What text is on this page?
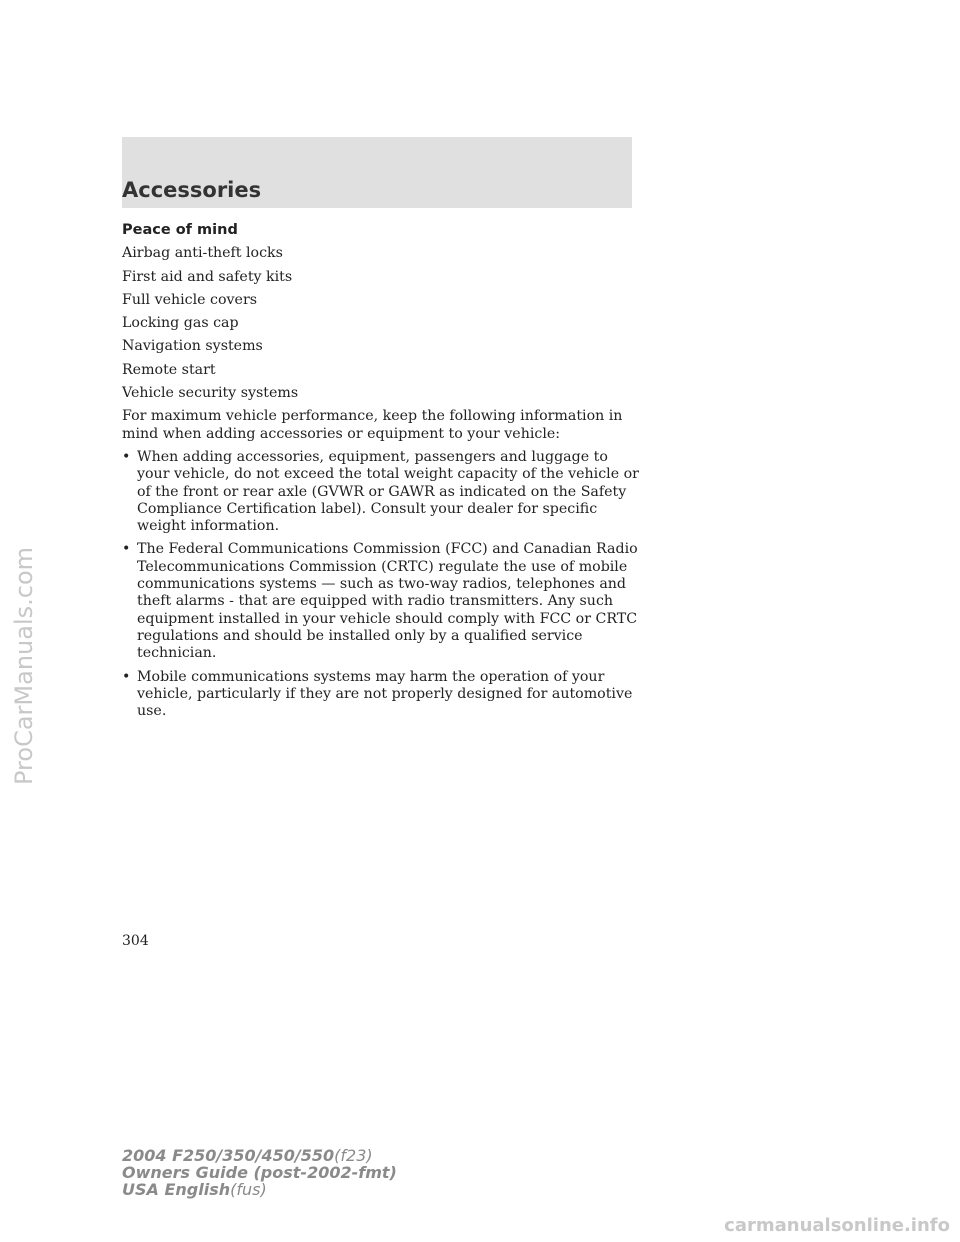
Accessories
Peace of mind
Airbag anti-theft locks
First aid and safety kits
Full vehicle covers
Locking gas cap
Navigation systems
Remote start
Vehicle security systems
For maximum vehicle performance, keep the following information in mind when adding accessories or equipment to your vehicle:
• When adding accessories, equipment, passengers and luggage to your vehicle, do not exceed the total weight capacity of the vehicle or of the front or rear axle (GVWR or GAWR as indicated on the Safety Compliance Certification label). Consult your dealer for specific weight information.
• The Federal Communications Commission (FCC) and Canadian Radio Telecommunications Commission (CRTC) regulate the use of mobile communications systems — such as two-way radios, telephones and theft alarms - that are equipped with radio transmitters. Any such equipment installed in your vehicle should comply with FCC or CRTC regulations and should be installed only by a qualified service technician.
• Mobile communications systems may harm the operation of your vehicle, particularly if they are not properly designed for automotive use.
304
2004 F250/350/450/550(f23)
Owners Guide (post-2002-fmt)
USA English(fus)
ProCarManuals.com
carmanualsonline.info
